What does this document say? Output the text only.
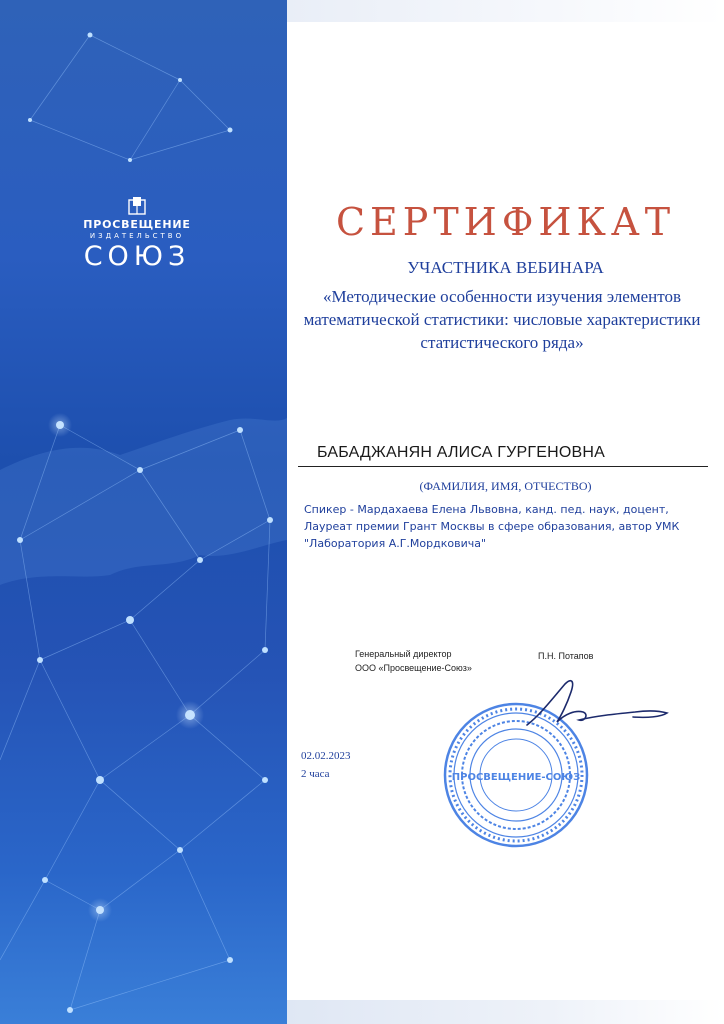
ПРОСВЕЩЕНИЕ
ИЗДАТЕЛЬСТВО
СОЮЗ
СЕРТИФИКАТ
УЧАСТНИКА ВЕБИНАРА
«Методические особенности изучения элементов математической статистики: числовые характеристики статистического ряда»
БАБАДЖАНЯН АЛИСА ГУРГЕНОВНА
(ФАМИЛИЯ, ИМЯ, ОТЧЕСТВО)
Спикер - Мардахаева Елена Львовна, канд. пед. наук, доцент, Лауреат премии Грант Москвы в сфере образования, автор УМК "Лаборатория А.Г.Мордковича"
Генеральный директор
ООО «Просвещение-Союз»
П.Н. Потапов
02.02.2023
2 часа	ПРОСВЕЩЕНИЕ-СОЮЗ
